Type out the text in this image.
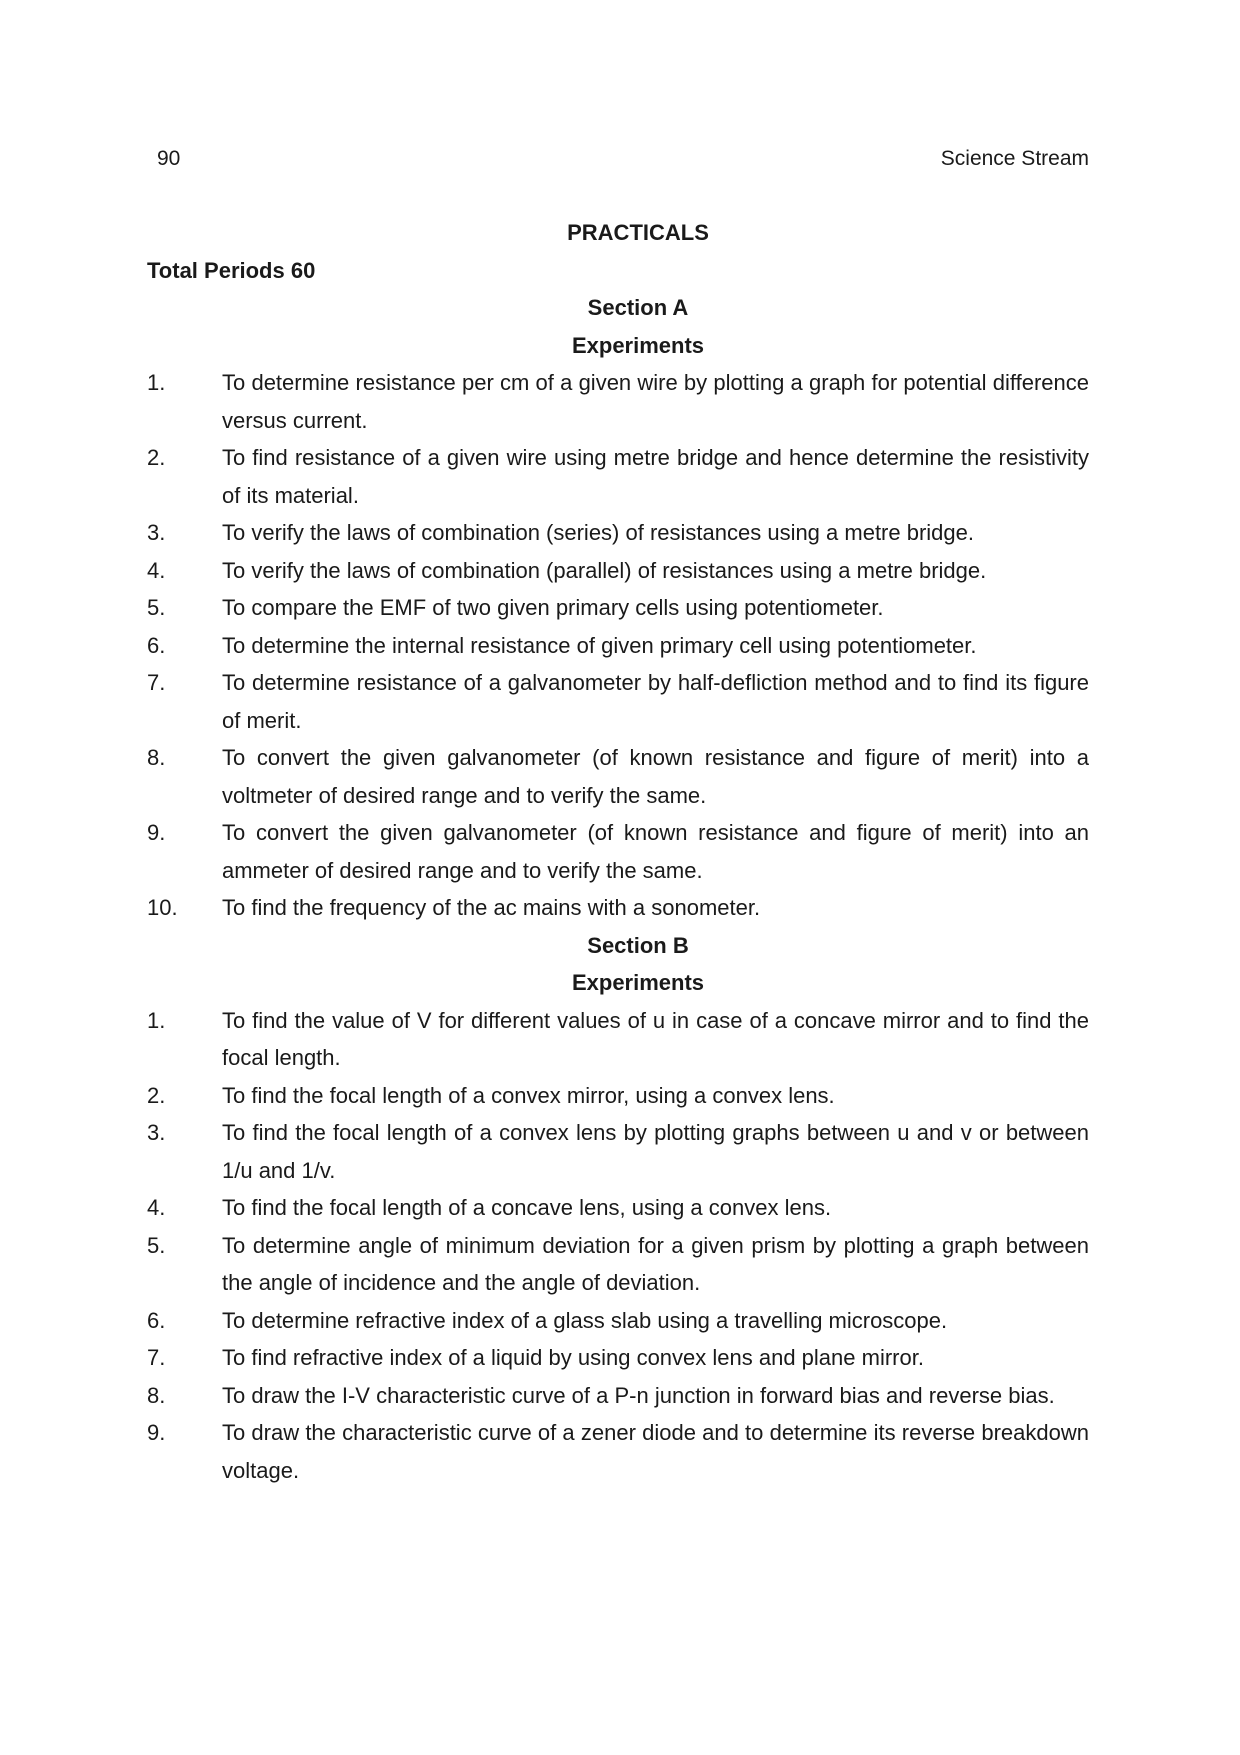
90	Science Stream

PRACTICALS

Total Periods 60

Section A

Experiments

1.	To determine resistance per cm of a given wire by plotting a graph for potential difference versus current.
2.	To find resistance of a given wire using metre bridge and hence determine the resistivity of its material.
3.	To verify the laws of combination (series) of resistances using a metre bridge.
4.	To verify the laws of combination (parallel) of resistances using a metre bridge.
5.	To compare the EMF of two given primary cells using potentiometer.
6.	To determine the internal resistance of given primary cell using potentiometer.
7.	To determine resistance of a galvanometer by half-defliction method and to find its figure of merit.
8.	To convert the given galvanometer (of known resistance and figure of merit) into a voltmeter of desired range and to verify the same.
9.	To convert the given galvanometer (of known resistance and figure of merit) into an ammeter of desired range and to verify the same.
10.	To find the frequency of the ac mains with a sonometer.

Section B

Experiments

1.	To find the value of V for different values of u in case of a concave mirror and to find the focal length.
2.	To find the focal length of a convex mirror, using a convex lens.
3.	To find the focal length of a convex lens by plotting graphs between u and v or between 1/u and 1/v.
4.	To find the focal length of a concave lens, using a convex lens.
5.	To determine angle of minimum deviation for a given prism by plotting a graph between the angle of incidence and the angle of deviation.
6.	To determine refractive index of a glass slab using a travelling microscope.
7.	To find refractive index of a liquid by using convex lens and plane mirror.
8.	To draw the I-V characteristic curve of a P-n junction in forward bias and reverse bias.
9.	To draw the characteristic curve of a zener diode and to determine its reverse breakdown voltage.
